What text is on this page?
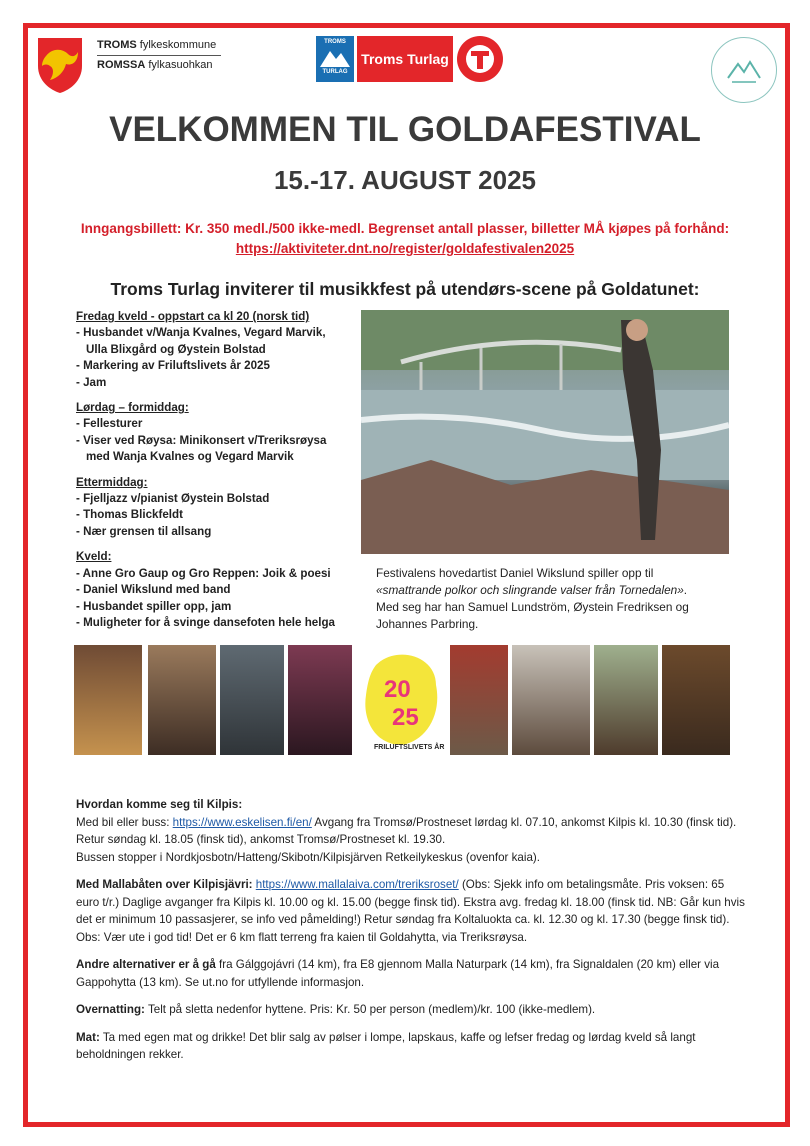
TROMS fylkeskommune
ROMSSA fylkasuohkan
TROMS
TURLAG
Troms Turlag
VELKOMMEN TIL GOLDAFESTIVAL
15.-17. AUGUST 2025
Inngangsbillett: Kr. 350 medl./500 ikke-medl. Begrenset antall plasser, billetter MÅ kjøpes på forhånd: https://aktiviteter.dnt.no/register/goldafestivalen2025
Troms Turlag inviterer til musikkfest på utendørs-scene på Goldatunet:
Fredag kveld - oppstart ca kl 20 (norsk tid)
- Husbandet v/Wanja Kvalnes, Vegard Marvik,
Ulla Blixgård og Øystein Bolstad
- Markering av Friluftslivets år 2025
- Jam
Lørdag – formiddag:
- Fellesturer
- Viser ved Røysa: Minikonsert v/Treriksrøysa
med Wanja Kvalnes og Vegard Marvik
Ettermiddag:
- Fjelljazz v/pianist Øystein Bolstad
- Thomas Blickfeldt
- Nær grensen til allsang
Kveld:
- Anne Gro Gaup og Gro Reppen: Joik & poesi
- Daniel Wikslund med band
- Husbandet spiller opp, jam
- Muligheter for å svinge dansefoten hele helga
Festivalens hovedartist Daniel Wikslund spiller opp til
«smattrande polkor och slingrande valser från Tornedalen».
Med seg har han Samuel Lundström, Øystein Fredriksen og
Johannes Parbring.
20
25
FRILUFTSLIVETS ÅR

Hvordan komme seg til Kilpis:
Med bil eller buss: https://www.eskelisen.fi/en/ Avgang fra Tromsø/Prostneset lørdag kl. 07.10, ankomst Kilpis kl. 10.30 (finsk tid). Retur søndag kl. 18.05 (finsk tid), ankomst Tromsø/Prostneset kl. 19.30.
Bussen stopper i Nordkjosbotn/Hatteng/Skibotn/Kilpisjärven Retkeilykeskus (ovenfor kaia).

Med Mallabåten over Kilpisjävri: https://www.mallalaiva.com/treriksroset/ (Obs: Sjekk info om betalingsmåte. Pris voksen: 65 euro t/r.) Daglige avganger fra Kilpis kl. 10.00 og kl. 15.00 (begge finsk tid). Ekstra avg. fredag kl. 18.00 (finsk tid. NB: Går kun hvis det er minimum 10 passasjerer, se info ved påmelding!) Retur søndag fra Koltaluokta ca. kl. 12.30 og kl. 17.30 (begge finsk tid). Obs: Vær ute i god tid! Det er 6 km flatt terreng fra kaien til Goldahytta, via Treriksrøysa.

Andre alternativer er å gå fra Gálggojávri (14 km), fra E8 gjennom Malla Naturpark (14 km), fra Signaldalen (20 km) eller via Gappohytta (13 km). Se ut.no for utfyllende informasjon.

Overnatting: Telt på sletta nedenfor hyttene. Pris: Kr. 50 per person (medlem)/kr. 100 (ikke-medlem).

Mat: Ta med egen mat og drikke! Det blir salg av pølser i lompe, lapskaus, kaffe og lefser fredag og lørdag kveld så langt beholdningen rekker.
